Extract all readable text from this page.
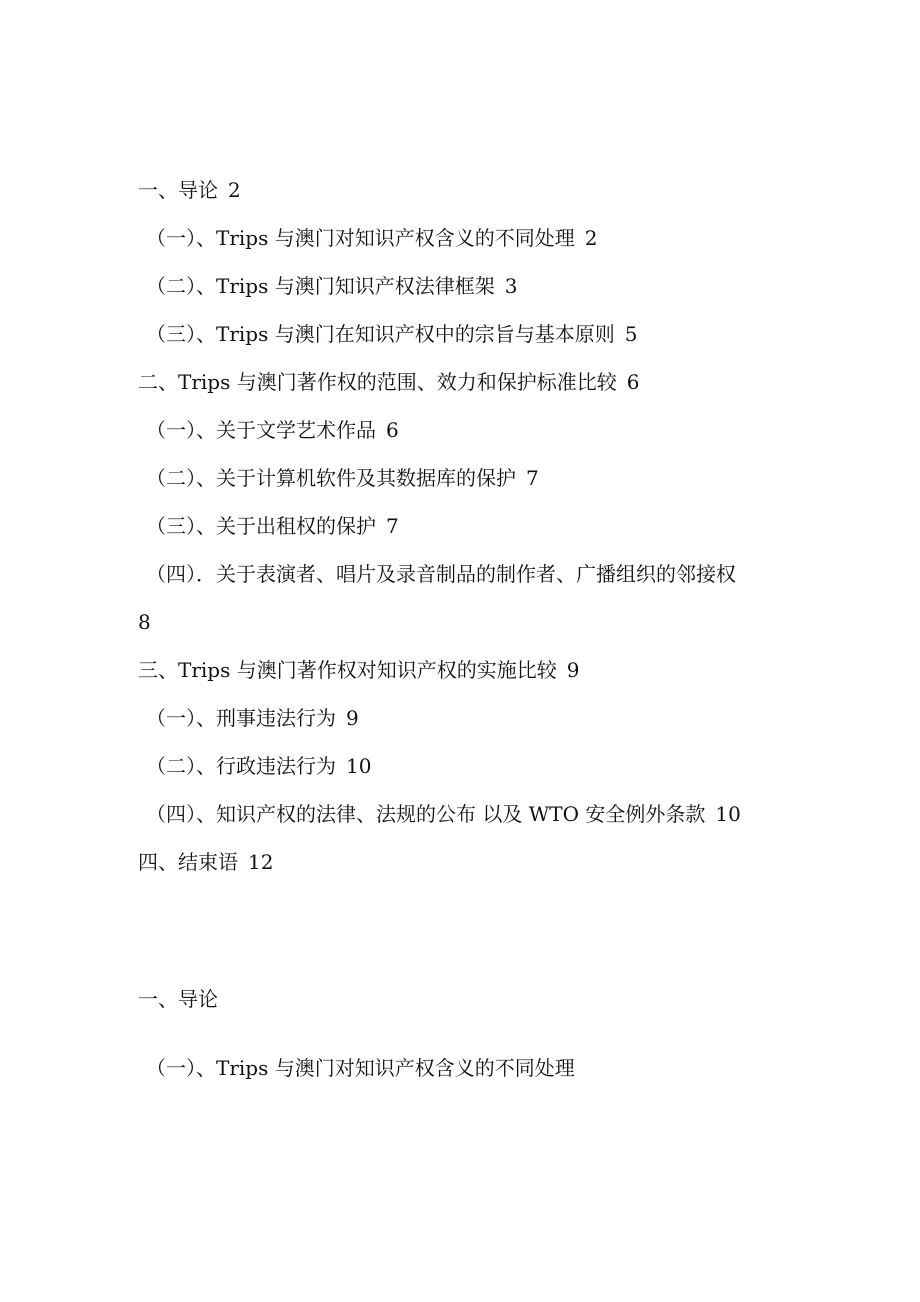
一、导论 2
（一）、Trips 与澳门对知识产权含义的不同处理 2
（二）、Trips 与澳门知识产权法律框架 3
（三）、Trips 与澳门在知识产权中的宗旨与基本原则 5
二、Trips 与澳门著作权的范围、效力和保护标准比较 6
（一）、关于文学艺术作品 6
（二）、关于计算机软件及其数据库的保护 7
（三）、关于出租权的保护 7
（四）．关于表演者、唱片及录音制品的制作者、广播组织的邻接权
8
三、Trips 与澳门著作权对知识产权的实施比较 9
（一）、刑事违法行为 9
（二）、行政违法行为 10
（四）、知识产权的法律、法规的公布 以及 WTO 安全例外条款 10
四、结束语 12
一、导论
（一）、Trips 与澳门对知识产权含义的不同处理
